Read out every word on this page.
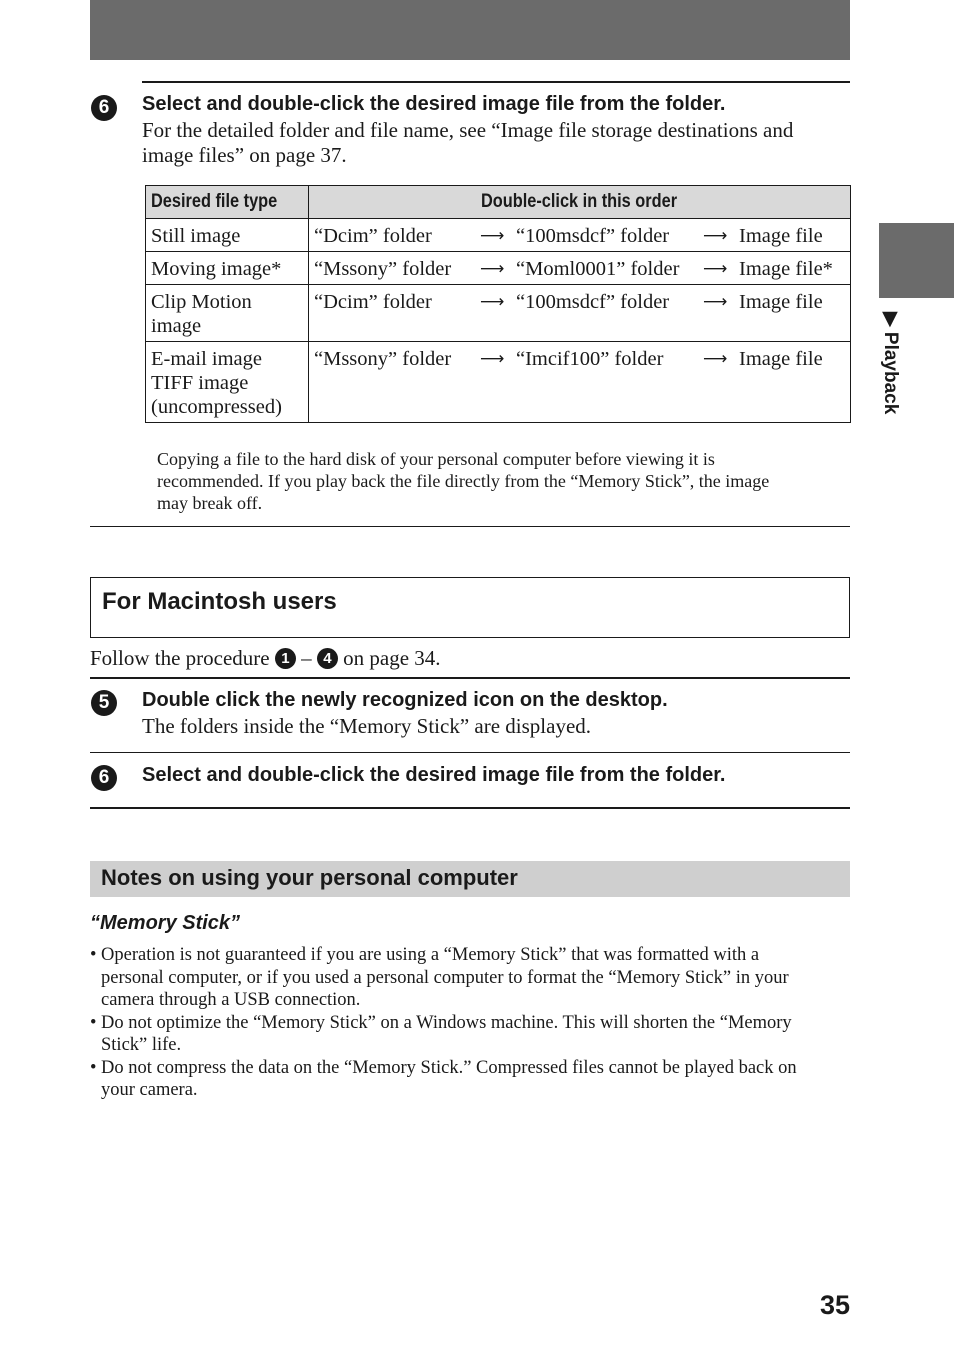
6	Select and double-click the desired image file from the folder.
For the detailed folder and file name, see “Image file storage destinations and
image files” on page 37.
Desired file type	Double-click in this order

Still image	“Dcim” folder ⟶ “100msdcf” folder ⟶ Image file

Moving image*	“Mssony” folder ⟶ “Moml0001” folder ⟶ Image file*

Clip Motion
image	“Dcim” folder ⟶ “100msdcf” folder ⟶ Image file

E-mail image
TIFF image
(uncompressed)	“Mssony” folder ⟶ “Imcif100” folder ⟶ Image file
Copying a file to the hard disk of your personal computer before viewing it is
recommended. If you play back the file directly from the “Memory Stick”, the image
may break off.
For Macintosh users
Follow the procedure 1 – 4 on page 34.
5	Double click the newly recognized icon on the desktop.
The folders inside the “Memory Stick” are displayed.
6	Select and double-click the desired image file from the folder.
Notes on using your personal computer
“Memory Stick”
• Operation is not guaranteed if you are using a “Memory Stick” that was formatted with a
personal computer, or if you used a personal computer to format the “Memory Stick” in your
camera through a USB connection.
• Do not optimize the “Memory Stick” on a Windows machine. This will shorten the “Memory
Stick” life.
• Do not compress the data on the “Memory Stick.” Compressed files cannot be played back on
your camera.
▶ Playback
35
